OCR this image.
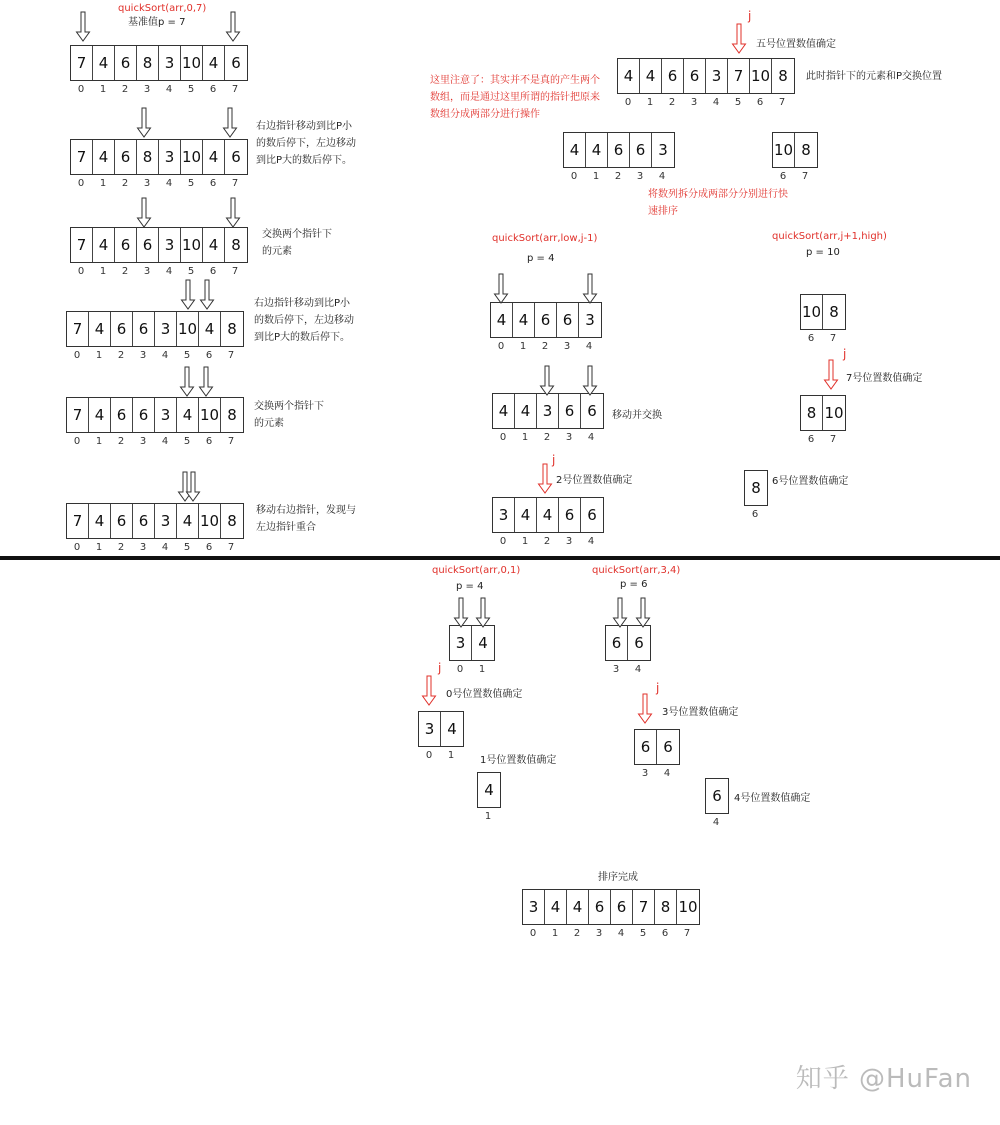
quickSort(arr,0,7)
基准值p = 7
7 4 6 8 3 10 4 6
0	1	2	3	4	5	6	7
7 4 6 8 3 10 4 6
0	1	2	3	4	5	6	7
右边指针移动到比P小
的数后停下，左边移动
到比P大的数后停下。
7 4 6 6 3 10 4 8
0	1	2	3	4	5	6	7
交换两个指针下
的元素
7 4 6 6 3 10 4 8
0	1	2	3	4	5	6	7
右边指针移动到比P小
的数后停下，左边移动
到比P大的数后停下。
7 4 6 6 3 4 10 8
0	1	2	3	4	5	6	7
交换两个指针下
的元素
7 4 6 6 3 4 10 8
0	1	2	3	4	5	6	7
移动右边指针，发现与
左边指针重合
这里注意了：其实并不是真的产生两个
数组，而是通过这里所谓的指针把原来
数组分成两部分进行操作
j
五号位置数值确定
4 4 6 6 3 7 10 8
0	1	2	3	4	5	6	7
此时指针下的元素和P交换位置
4 4 6 6 3
0	1	2	3	4
10 8
6	7
将数列拆分成两部分分别进行快
速排序
quickSort(arr,low,j-1)
p = 4
4 4 6 6 3
0	1	2	3	4
4 4 3 6 6
0	1	2	3	4
移动并交换
j
2号位置数值确定
3 4 4 6 6
0	1	2	3	4
quickSort(arr,j+1,high)
p = 10
10 8
6	7
j
7号位置数值确定
8 10
6	7
8
6
6号位置数值确定
quickSort(arr,0,1)
p = 4
3 4
0	1
j
0号位置数值确定
3 4
0	1	1号位置数值确定
4
1
quickSort(arr,3,4)
p = 6
6 6
3	4
j
3号位置数值确定
6 6
3	4
6
4
4号位置数值确定
排序完成
3 4 4 6 6 7 8 10
0	1	2	3	4	5	6	7
知乎 @HuFan
